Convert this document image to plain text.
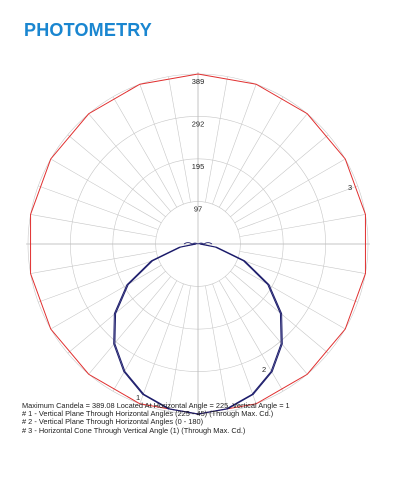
97
195
292
389
1
2
3
PHOTOMETRY
Maximum Candela = 389.08 Located At Horizontal Angle = 225, Vertical Angle = 1
# 1 - Vertical Plane Through Horizontal Angles (225 - 45) (Through Max. Cd.)
# 2 - Vertical Plane Through Horizontal Angles (0 - 180)
# 3 - Horizontal Cone Through Vertical Angle (1) (Through Max. Cd.)
